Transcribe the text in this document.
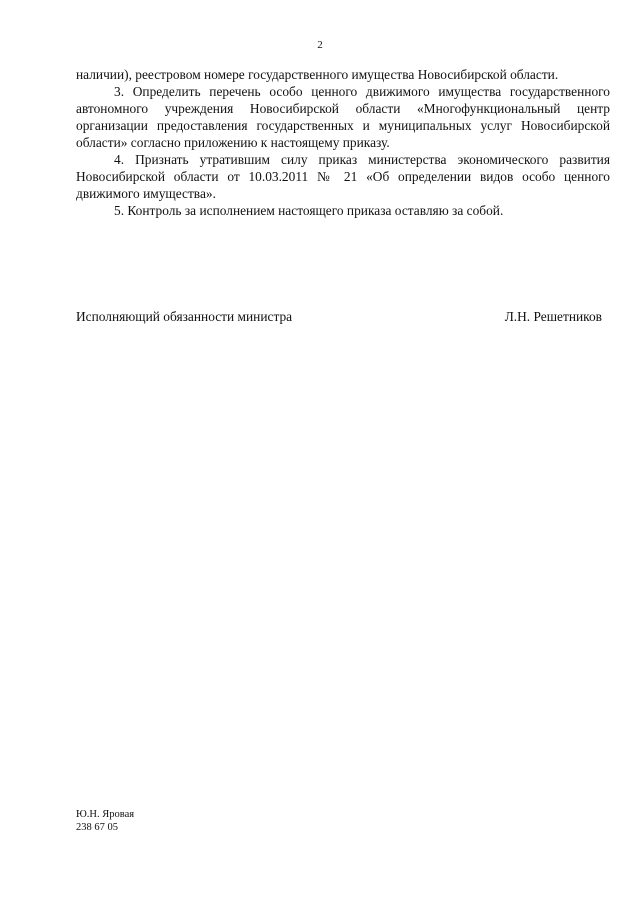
2

наличии), реестровом номере государственного имущества Новосибирской области.

3. Определить перечень особо ценного движимого имущества государственного автономного учреждения Новосибирской области «Многофункциональный центр организации предоставления государственных и муниципальных услуг Новосибирской области» согласно приложению к настоящему приказу.

4. Признать утратившим силу приказ министерства экономического развития Новосибирской области от 10.03.2011 № 21 «Об определении видов особо ценного движимого имущества».

5. Контроль за исполнением настоящего приказа оставляю за собой.

Исполняющий обязанности министра	Л.Н. Решетников
Ю.Н. Яровая
238 67 05
